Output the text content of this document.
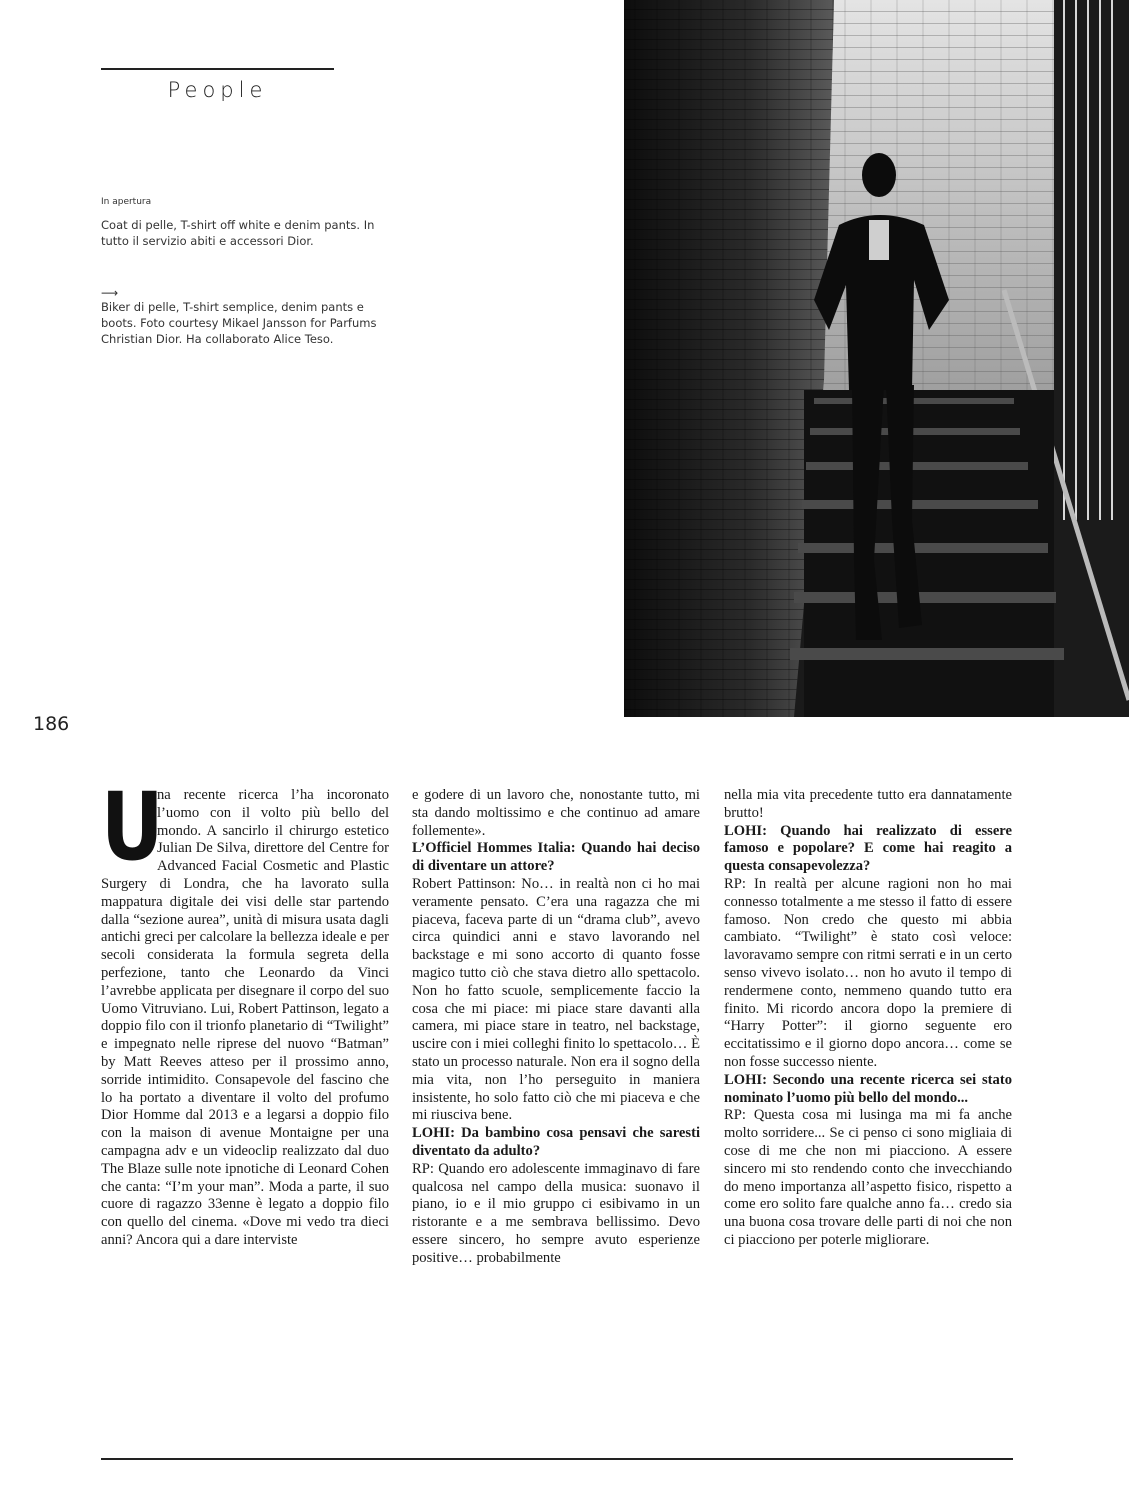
People
In apertura
Coat di pelle, T-shirt off white e denim pants. In tutto il servizio abiti e accessori Dior.
⟶
Biker di pelle, T-shirt semplice, denim pants e boots. Foto courtesy Mikael Jansson for Parfums Christian Dior. Ha collaborato Alice Teso.
186

U
na recente ricerca l’ha incoronato l’uomo con il volto più bello del mondo. A sancirlo il chirurgo estetico Julian De Silva, direttore del Centre for Advanced Facial Cosmetic and Plastic Surgery di Londra, che ha lavorato sulla mappatura digitale dei visi delle star partendo dalla “sezione aurea”, unità di misura usata dagli antichi greci per calcolare la bellezza ideale e per secoli considerata la formula segreta della perfezione, tanto che Leonardo da Vinci l’avrebbe applicata per disegnare il corpo del suo Uomo Vitruviano. Lui, Robert Pattinson, legato a doppio filo con il trionfo planetario di “Twilight” e impegnato nelle riprese del nuovo “Batman” by Matt Reeves atteso per il prossimo anno, sorride intimidito. Consapevole del fascino che lo ha portato a diventare il volto del profumo Dior Homme dal 2013 e a legarsi a doppio filo con la maison di avenue Montaigne per una campagna adv e un videoclip realizzato dal duo The Blaze sulle note ipnotiche di Leonard Cohen che canta: “I’m your man”. Moda a parte, il suo cuore di ragazzo 33enne è legato a doppio filo con quello del cinema. «Dove mi vedo tra dieci anni? Ancora qui a dare interviste

e godere di un lavoro che, nonostante tutto, mi sta dando moltissimo e che continuo ad amare follemente».

L’Officiel Hommes Italia: Quando hai deciso di diventare un attore?

Robert Pattinson: No… in realtà non ci ho mai veramente pensato. C’era una ragazza che mi piaceva, faceva parte di un “drama club”, avevo circa quindici anni e stavo lavorando nel backstage e mi sono accorto di quanto fosse magico tutto ciò che stava dietro allo spettacolo. Non ho fatto scuole, semplicemente faccio la cosa che mi piace: mi piace stare davanti alla camera, mi piace stare in teatro, nel backstage, uscire con i miei colleghi finito lo spettacolo… È stato un processo naturale. Non era il sogno della mia vita, non l’ho perseguito in maniera insistente, ho solo fatto ciò che mi piaceva e che mi riusciva bene.

LOHI: Da bambino cosa pensavi che saresti diventato da adulto?

RP: Quando ero adolescente immaginavo di fare qualcosa nel campo della musica: suonavo il piano, io e il mio gruppo ci esibivamo in un ristorante e a me sembrava bellissimo. Devo essere sincero, ho sempre avuto esperienze positive… probabilmente

nella mia vita precedente tutto era dannatamente brutto!

LOHI: Quando hai realizzato di essere famoso e popolare? E come hai reagito a questa consapevolezza?

RP: In realtà per alcune ragioni non ho mai connesso totalmente a me stesso il fatto di essere famoso. Non credo che questo mi abbia cambiato. “Twilight” è stato così veloce: lavoravamo sempre con ritmi serrati e in un certo senso vivevo isolato… non ho avuto il tempo di rendermene conto, nemmeno quando tutto era finito. Mi ricordo ancora dopo la premiere di “Harry Potter”: il giorno seguente ero eccitatissimo e il giorno dopo ancora… come se non fosse successo niente.

LOHI: Secondo una recente ricerca sei stato nominato l’uomo più bello del mondo...

RP: Questa cosa mi lusinga ma mi fa anche molto sorridere... Se ci penso ci sono migliaia di cose di me che non mi piacciono. A essere sincero mi sto rendendo conto che invecchiando do meno importanza all’aspetto fisico, rispetto a come ero solito fare qualche anno fa… credo sia una buona cosa trovare delle parti di noi che non ci piacciono per poterle migliorare.
